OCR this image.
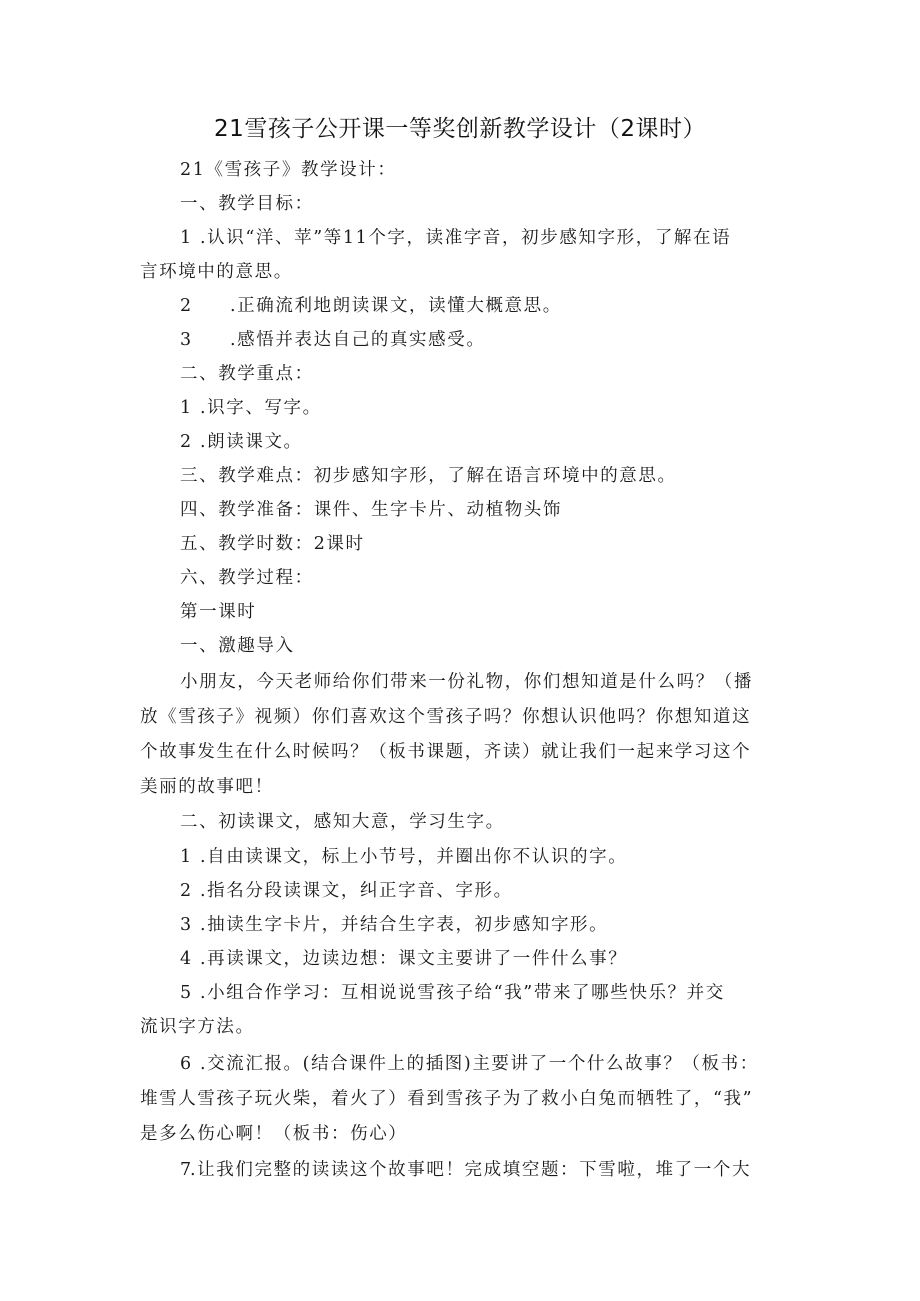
21雪孩子公开课一等奖创新教学设计（2课时）
21《雪孩子》教学设计：
一、教学目标：
1 .认识“洋、苹”等11个字，读准字音，初步感知字形，了解在语
言环境中的意思。
2 .正确流利地朗读课文，读懂大概意思。
3 .感悟并表达自己的真实感受。
二、教学重点：
1 .识字、写字。
2 .朗读课文。
三、教学难点：初步感知字形，了解在语言环境中的意思。
四、教学准备：课件、生字卡片、动植物头饰
五、教学时数：2课时
六、教学过程：
第一课时
一、激趣导入
小朋友，今天老师给你们带来一份礼物，你们想知道是什么吗？（播
放《雪孩子》视频）你们喜欢这个雪孩子吗？你想认识他吗？你想知道这
个故事发生在什么时候吗？（板书课题，齐读）就让我们一起来学习这个
美丽的故事吧！
二、初读课文，感知大意，学习生字。
1 .自由读课文，标上小节号，并圈出你不认识的字。
2 .指名分段读课文，纠正字音、字形。
3 .抽读生字卡片，并结合生字表，初步感知字形。
4 .再读课文，边读边想：课文主要讲了一件什么事？
5 .小组合作学习：互相说说雪孩子给“我”带来了哪些快乐？并交
流识字方法。
6 .交流汇报。(结合课件上的插图)主要讲了一个什么故事？（板书：
堆雪人雪孩子玩火柴，着火了）看到雪孩子为了救小白兔而牺牲了，“我”
是多么伤心啊！（板书：伤心）
7.让我们完整的读读这个故事吧！完成填空题：下雪啦，堆了一个大
